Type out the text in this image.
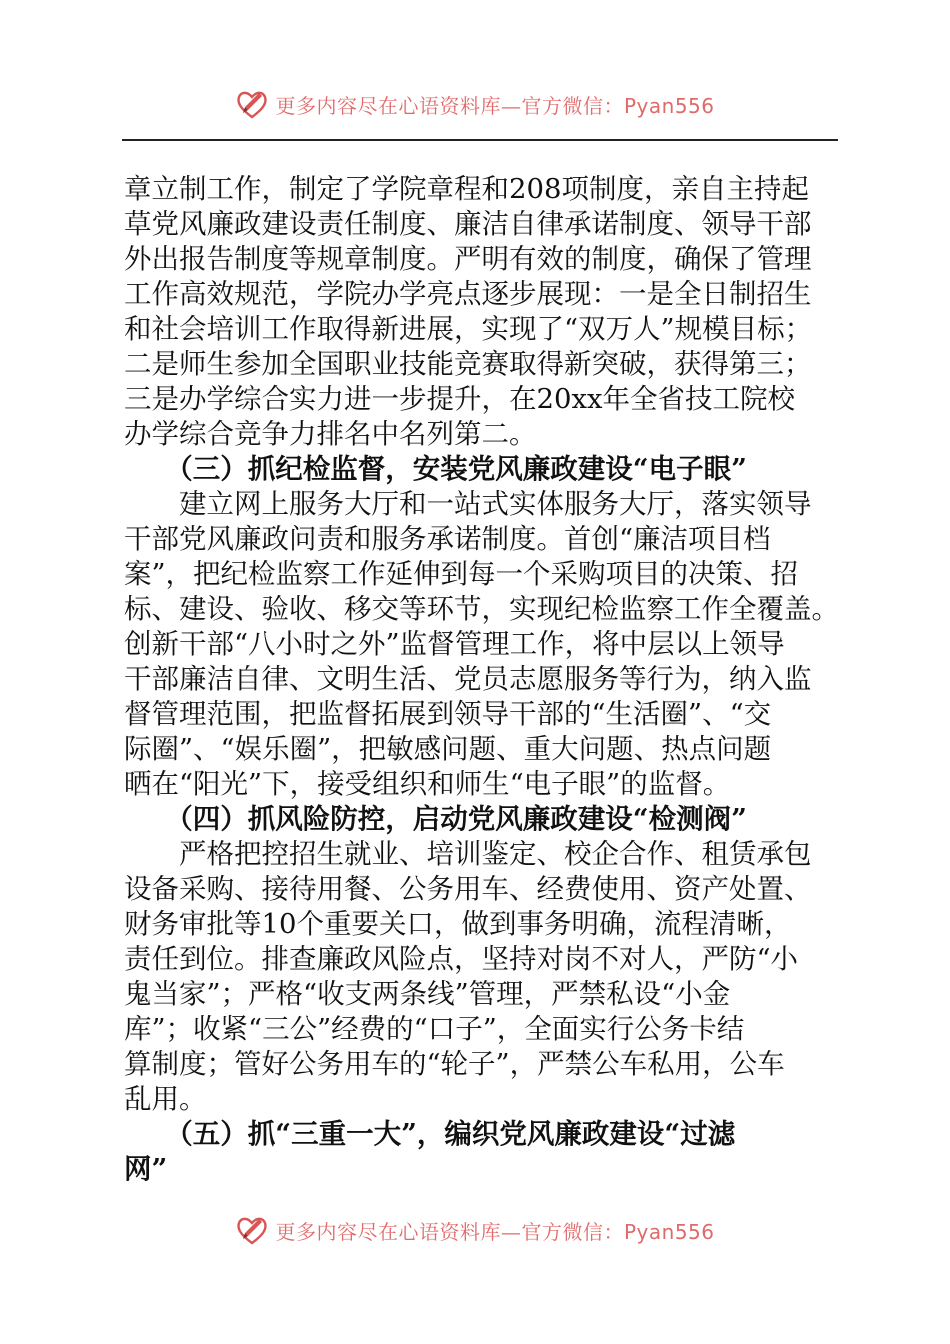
更多内容尽在心语资料库—官方微信：Pyan556
章立制工作，制定了学院章程和208项制度，亲自主持起
草党风廉政建设责任制度、廉洁自律承诺制度、领导干部
外出报告制度等规章制度。严明有效的制度，确保了管理
工作高效规范，学院办学亮点逐步展现：一是全日制招生
和社会培训工作取得新进展，实现了“双万人”规模目标；
二是师生参加全国职业技能竞赛取得新突破，获得第三；
三是办学综合实力进一步提升，在20xx年全省技工院校
办学综合竞争力排名中名列第二。
　　（三）抓纪检监督，安装党风廉政建设“电子眼”
　　建立网上服务大厅和一站式实体服务大厅，落实领导
干部党风廉政问责和服务承诺制度。首创“廉洁项目档
案”，把纪检监察工作延伸到每一个采购项目的决策、招
标、建设、验收、移交等环节，实现纪检监察工作全覆盖。
创新干部“八小时之外”监督管理工作，将中层以上领导
干部廉洁自律、文明生活、党员志愿服务等行为，纳入监
督管理范围，把监督拓展到领导干部的“生活圈”、“交
际圈”、“娱乐圈”，把敏感问题、重大问题、热点问题
晒在“阳光”下，接受组织和师生“电子眼”的监督。
　　（四）抓风险防控，启动党风廉政建设“检测阀”
　　严格把控招生就业、培训鉴定、校企合作、租赁承包
设备采购、接待用餐、公务用车、经费使用、资产处置、
财务审批等10个重要关口，做到事务明确，流程清晰，
责任到位。排查廉政风险点，坚持对岗不对人，严防“小
鬼当家”；严格“收支两条线”管理，严禁私设“小金
库”；收紧“三公”经费的“口子”，全面实行公务卡结
算制度；管好公务用车的“轮子”，严禁公车私用，公车
乱用。
　　（五）抓“三重一大”，编织党风廉政建设“过滤
网”
更多内容尽在心语资料库—官方微信：Pyan556
